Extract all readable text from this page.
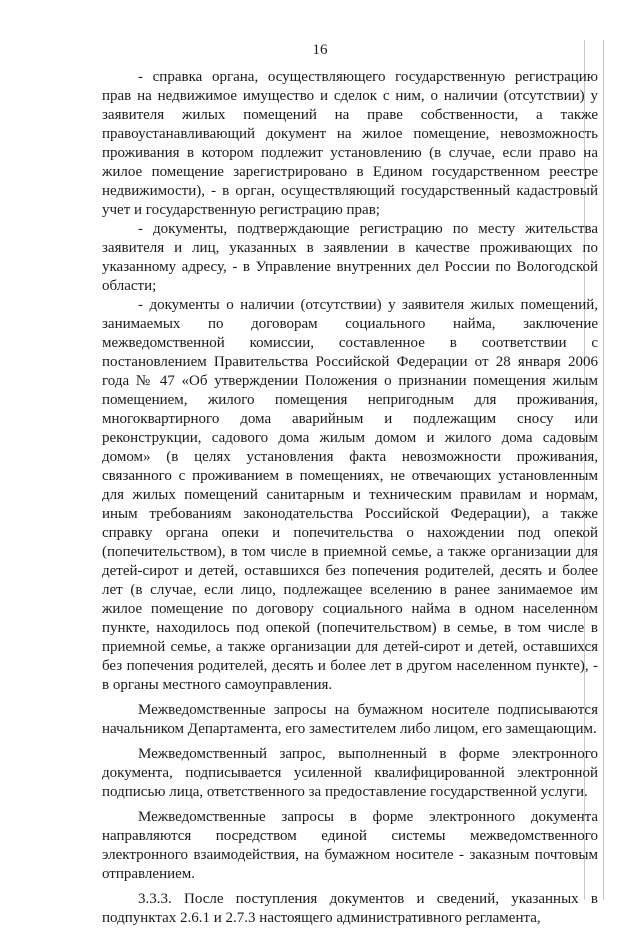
16

- справка органа, осуществляющего государственную регистрацию прав на недвижимое имущество и сделок с ним, о наличии (отсутствии) у заявителя жилых помещений на праве собственности, а также правоустанавливающий документ на жилое помещение, невозможность проживания в котором подлежит установлению (в случае, если право на жилое помещение зарегистрировано в Едином государственном реестре недвижимости), - в орган, осуществляющий государственный кадастровый учет и государственную регистрацию прав;

- документы, подтверждающие регистрацию по месту жительства заявителя и лиц, указанных в заявлении в качестве проживающих по указанному адресу, - в Управление внутренних дел России по Вологодской области;

- документы о наличии (отсутствии) у заявителя жилых помещений, занимаемых по договорам социального найма, заключение межведомственной комиссии, составленное в соответствии с постановлением Правительства Российской Федерации от 28 января 2006 года № 47 «Об утверждении Положения о признании помещения жилым помещением, жилого помещения непригодным для проживания, многоквартирного дома аварийным и подлежащим сносу или реконструкции, садового дома жилым домом и жилого дома садовым домом» (в целях установления факта невозможности проживания, связанного с проживанием в помещениях, не отвечающих установленным для жилых помещений санитарным и техническим правилам и нормам, иным требованиям законодательства Российской Федерации), а также справку органа опеки и попечительства о нахождении под опекой (попечительством), в том числе в приемной семье, а также организации для детей-сирот и детей, оставшихся без попечения родителей, десять и более лет (в случае, если лицо, подлежащее вселению в ранее занимаемое им жилое помещение по договору социального найма в одном населенном пункте, находилось под опекой (попечительством) в семье, в том числе в приемной семье, а также организации для детей-сирот и детей, оставшихся без попечения родителей, десять и более лет в другом населенном пункте), - в органы местного самоуправления.

Межведомственные запросы на бумажном носителе подписываются начальником Департамента, его заместителем либо лицом, его замещающим.

Межведомственный запрос, выполненный в форме электронного документа, подписывается усиленной квалифицированной электронной подписью лица, ответственного за предоставление государственной услуги.

Межведомственные запросы в форме электронного документа направляются посредством единой системы межведомственного электронного взаимодействия, на бумажном носителе - заказным почтовым отправлением.

3.3.3. После поступления документов и сведений, указанных в подпунктах 2.6.1 и 2.7.3 настоящего административного регламента,
